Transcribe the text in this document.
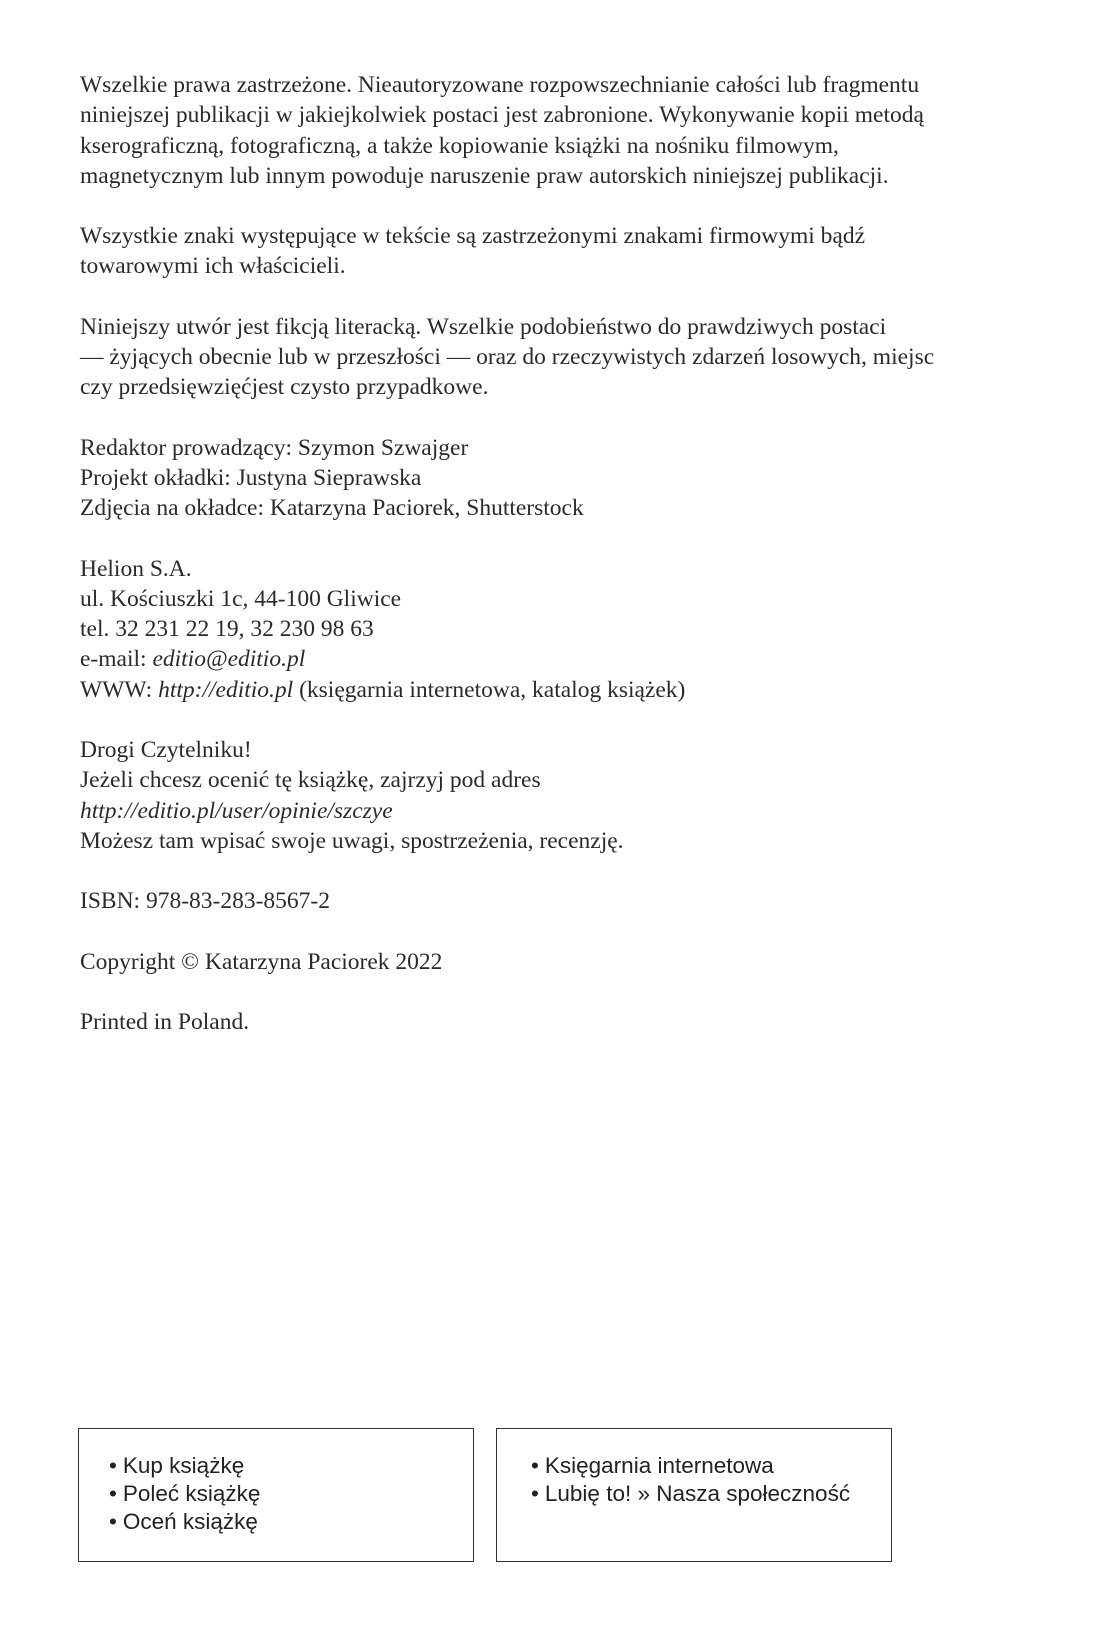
Wszelkie prawa zastrzeżone. Nieautoryzowane rozpowszechnianie całości lub fragmentu
niniejszej publikacji w jakiejkolwiek postaci jest zabronione. Wykonywanie kopii metodą
kserograficzną, fotograficzną, a także kopiowanie książki na nośniku filmowym,
magnetycznym lub innym powoduje naruszenie praw autorskich niniejszej publikacji.

Wszystkie znaki występujące w tekście są zastrzeżonymi znakami firmowymi bądź
towarowymi ich właścicieli.

Niniejszy utwór jest fikcją literacką. Wszelkie podobieństwo do prawdziwych postaci
— żyjących obecnie lub w przeszłości — oraz do rzeczywistych zdarzeń losowych, miejsc
czy przedsięwzięćjest czysto przypadkowe.

Redaktor prowadzący: Szymon Szwajger
Projekt okładki: Justyna Sieprawska
Zdjęcia na okładce: Katarzyna Paciorek, Shutterstock

Helion S.A.
ul. Kościuszki 1c, 44-100 Gliwice
tel. 32 231 22 19, 32 230 98 63
e-mail: editio@editio.pl
WWW: http://editio.pl (księgarnia internetowa, katalog książek)

Drogi Czytelniku!
Jeżeli chcesz ocenić tę książkę, zajrzyj pod adres
http://editio.pl/user/opinie/szczye
Możesz tam wpisać swoje uwagi, spostrzeżenia, recenzję.

ISBN: 978-83-283-8567-2

Copyright © Katarzyna Paciorek 2022

Printed in Poland.

• Kup książkę
• Poleć książkę
• Oceń książkę
• Księgarnia internetowa
• Lubię to! » Nasza społeczność
